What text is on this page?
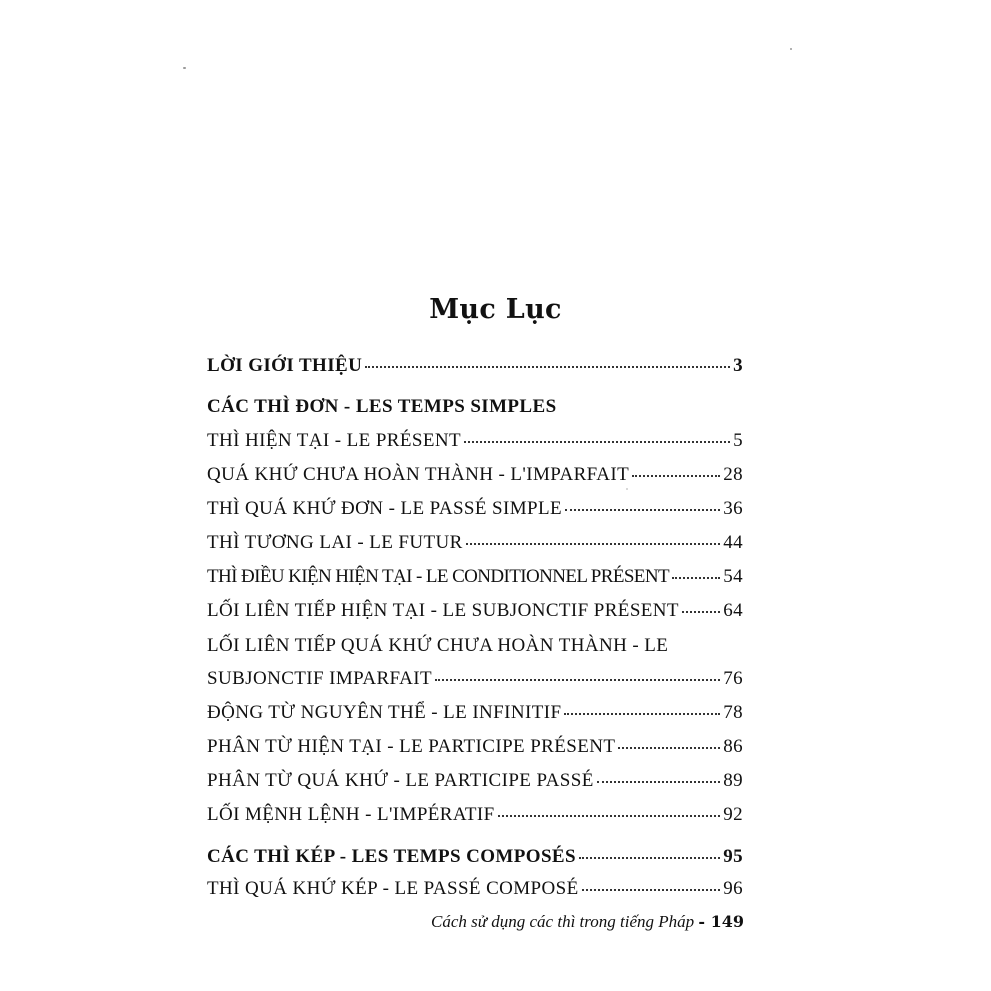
Mục Lục
LỜI GIỚI THIỆU	3
CÁC THÌ ĐƠN - LES TEMPS SIMPLES
THÌ HIỆN TẠI - LE PRÉSENT	5
QUÁ KHỨ CHƯA HOÀN THÀNH - L'IMPARFAIT	28
THÌ QUÁ KHỨ ĐƠN - LE PASSÉ SIMPLE	36
THÌ TƯƠNG LAI - LE FUTUR	44
THÌ ĐIỀU KIỆN HIỆN TẠI - LE CONDITIONNEL PRÉSENT	54
LỐI LIÊN TIẾP HIỆN TẠI - LE SUBJONCTIF PRÉSENT 64
LỐI LIÊN TIẾP QUÁ KHỨ CHƯA HOÀN THÀNH - LE
SUBJONCTIF IMPARFAIT	76
ĐỘNG TỪ NGUYÊN THỂ - LE INFINITIF	78
PHÂN TỪ HIỆN TẠI - LE PARTICIPE PRÉSENT	86
PHÂN TỪ QUÁ KHỨ - LE PARTICIPE PASSÉ	89
LỐI MỆNH LỆNH - L'IMPÉRATIF	92
CÁC THÌ KÉP - LES TEMPS COMPOSÉS	95
THÌ QUÁ KHỨ KÉP - LE PASSÉ COMPOSÉ	96
Cách sử dụng các thì trong tiếng Pháp - 149
